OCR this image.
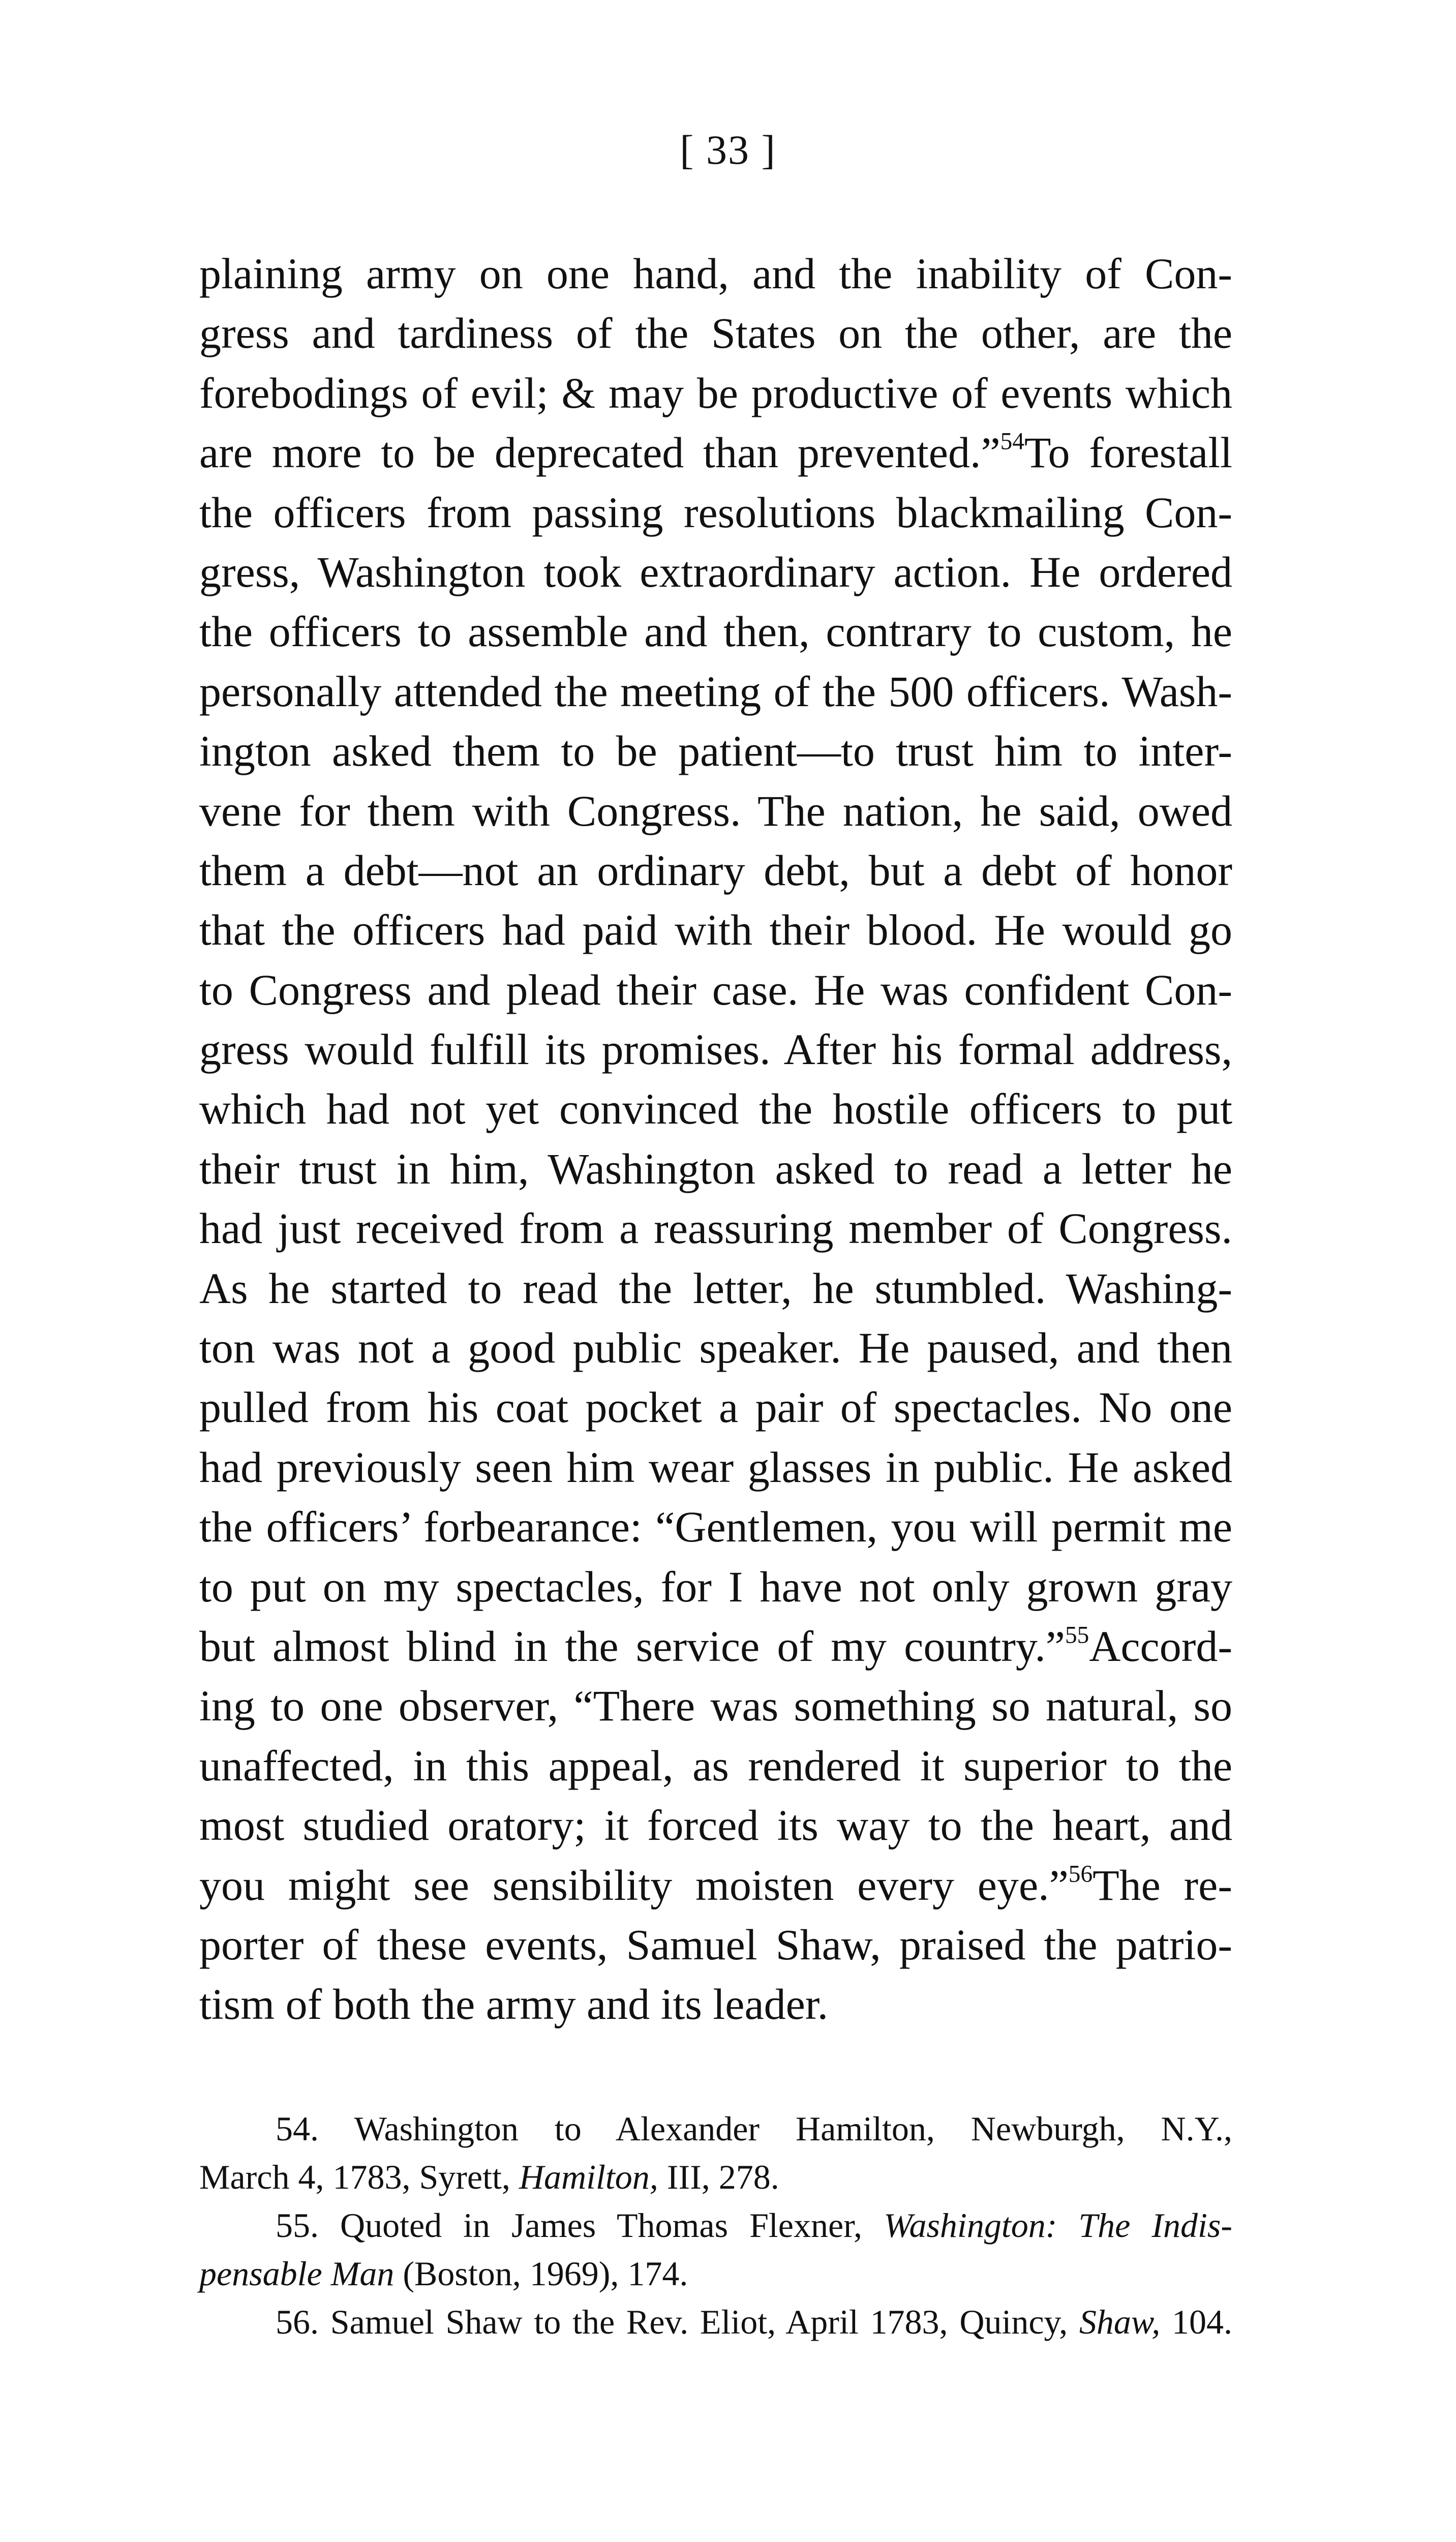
[ 33 ]
plaining army on one hand, and the inability of Con-
gress and tardiness of the States on the other, are the
forebodings of evil; & may be productive of events which
are more to be deprecated than prevented.”$^{54}$To forestall
the officers from passing resolutions blackmailing Con-
gress, Washington took extraordinary action. He ordered
the officers to assemble and then, contrary to custom, he
personally attended the meeting of the 500 officers. Wash-
ington asked them to be patient—to trust him to inter-
vene for them with Congress. The nation, he said, owed
them a debt—not an ordinary debt, but a debt of honor
that the officers had paid with their blood. He would go
to Congress and plead their case. He was confident Con-
gress would fulfill its promises. After his formal address,
which had not yet convinced the hostile officers to put
their trust in him, Washington asked to read a letter he
had just received from a reassuring member of Congress.
As he started to read the letter, he stumbled. Washing-
ton was not a good public speaker. He paused, and then
pulled from his coat pocket a pair of spectacles. No one
had previously seen him wear glasses in public. He asked
the officers’ forbearance: “Gentlemen, you will permit me
to put on my spectacles, for I have not only grown gray
but almost blind in the service of my country.”$^{55}$Accord-
ing to one observer, “There was something so natural, so
unaffected, in this appeal, as rendered it superior to the
most studied oratory; it forced its way to the heart, and
you might see sensibility moisten every eye.”$^{56}$The re-
porter of these events, Samuel Shaw, praised the patrio-
tism of both the army and its leader.
54. Washington to Alexander Hamilton, Newburgh, N.Y.,
March 4, 1783, Syrett, Hamilton, III, 278.
55. Quoted in James Thomas Flexner, Washington: The Indis-
pensable Man (Boston, 1969), 174.
56. Samuel Shaw to the Rev. Eliot, April 1783, Quincy, Shaw, 104.
